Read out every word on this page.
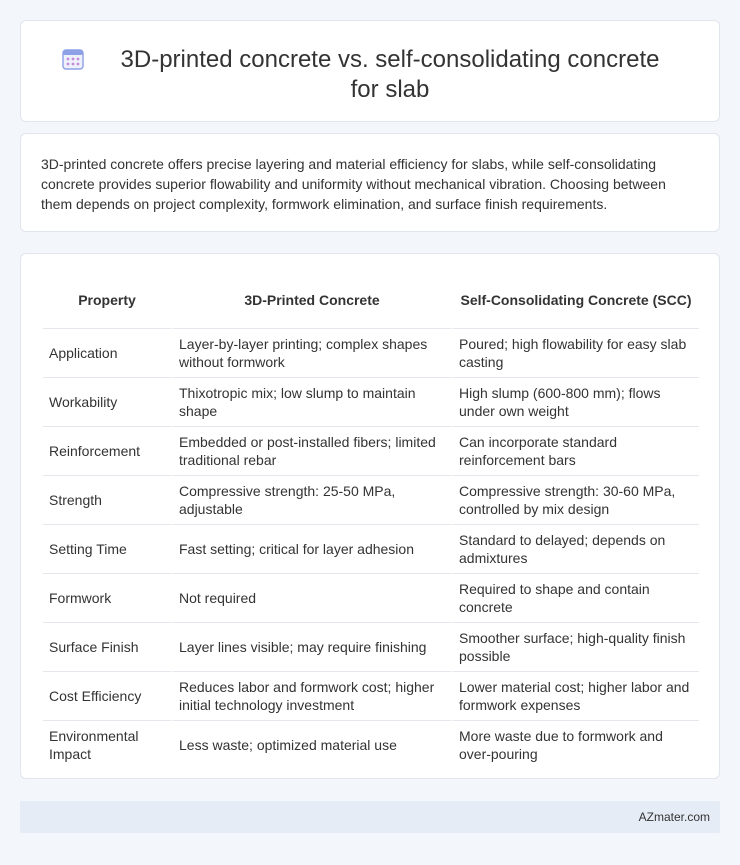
3D-printed concrete vs. self-consolidating concrete for slab

3D-printed concrete offers precise layering and material efficiency for slabs, while self-consolidating concrete provides superior flowability and uniformity without mechanical vibration. Choosing between them depends on project complexity, formwork elimination, and surface finish requirements.

Property	3D-Printed Concrete	Self-Consolidating Concrete (SCC)
Application	Layer-by-layer printing; complex shapes without formwork	Poured; high flowability for easy slab casting
Workability	Thixotropic mix; low slump to maintain shape	High slump (600-800 mm); flows under own weight
Reinforcement	Embedded or post-installed fibers; limited traditional rebar	Can incorporate standard reinforcement bars
Strength	Compressive strength: 25-50 MPa, adjustable	Compressive strength: 30-60 MPa, controlled by mix design
Setting Time	Fast setting; critical for layer adhesion	Standard to delayed; depends on admixtures
Formwork	Not required	Required to shape and contain concrete
Surface Finish	Layer lines visible; may require finishing	Smoother surface; high-quality finish possible
Cost Efficiency	Reduces labor and formwork cost; higher initial technology investment	Lower material cost; higher labor and formwork expenses
Environmental Impact	Less waste; optimized material use	More waste due to formwork and over-pouring
AZmater.com
